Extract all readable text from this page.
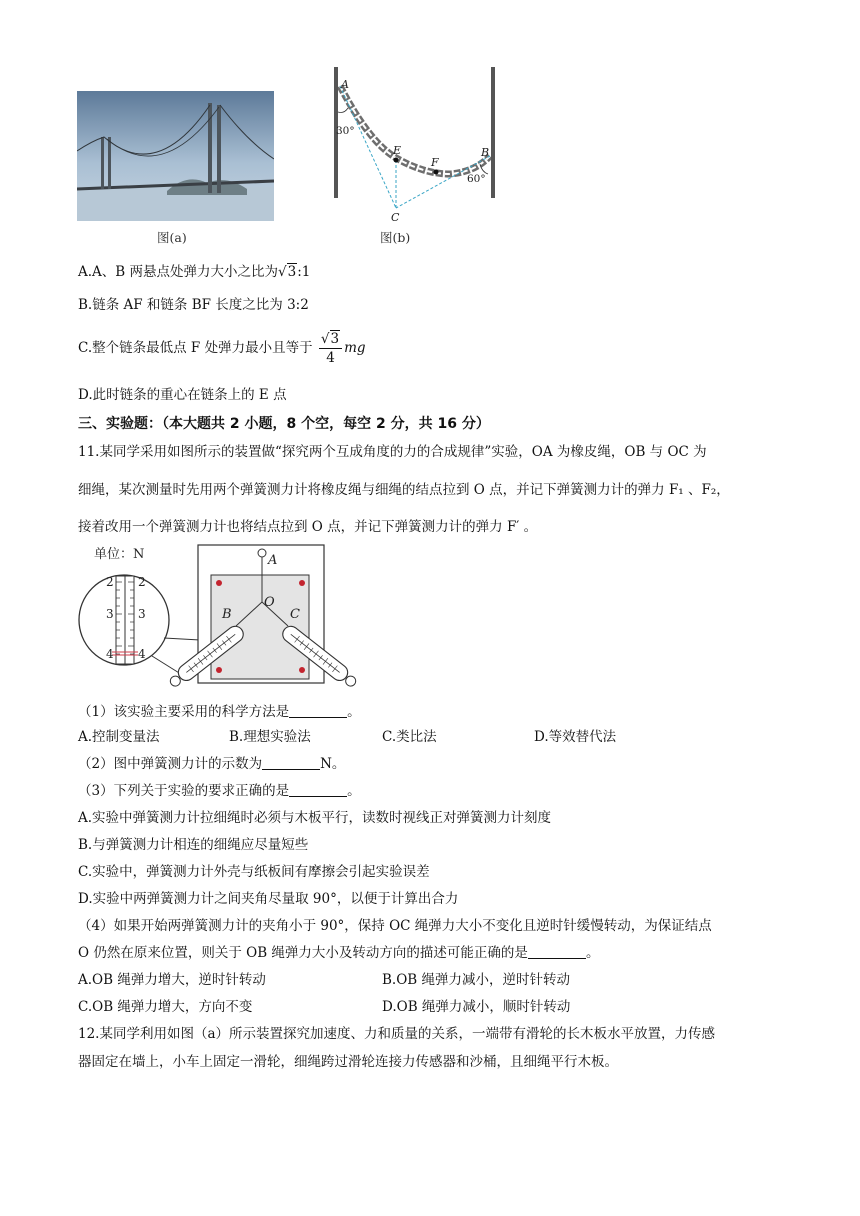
图(a)
A
30°
E
F
B
60°
C
图(b)
A.A、B 两悬点处弹力大小之比为√3:1
B.链条 AF 和链条 BF 长度之比为 3:2
C.整个链条最低点 F 处弹力最小且等于 $\frac{√3}{4}$ mg
D.此时链条的重心在链条上的 E 点
三、实验题：（本大题共 2 小题，8 个空，每空 2 分，共 16 分）
11.某同学采用如图所示的装置做“探究两个互成角度的力的合成规律”实验，OA 为橡皮绳，OB 与 OC 为
细绳，某次测量时先用两个弹簧测力计将橡皮绳与细绳的结点拉到 O 点，并记下弹簧测力计的弹力 F₁ 、F₂，
接着改用一个弹簧测力计也将结点拉到 O 点，并记下弹簧测力计的弹力 F′ 。
单位：N
2
3
4
2
3
4
A
O
B	C
（1）该实验主要采用的科学方法是	。
A.控制变量法	B.理想实验法	C.类比法	D.等效替代法
（2）图中弹簧测力计的示数为	N。
（3）下列关于实验的要求正确的是	。
A.实验中弹簧测力计拉细绳时必须与木板平行，读数时视线正对弹簧测力计刻度
B.与弹簧测力计相连的细绳应尽量短些
C.实验中，弹簧测力计外壳与纸板间有摩擦会引起实验误差
D.实验中两弹簧测力计之间夹角尽量取 90°，以便于计算出合力
（4）如果开始两弹簧测力计的夹角小于 90°，保持 OC 绳弹力大小不变化且逆时针缓慢转动，为保证结点
O 仍然在原来位置，则关于 OB 绳弹力大小及转动方向的描述可能正确的是	。
A.OB 绳弹力增大，逆时针转动	B.OB 绳弹力减小，逆时针转动
C.OB 绳弹力增大，方向不变	D.OB 绳弹力减小，顺时针转动
12.某同学利用如图（a）所示装置探究加速度、力和质量的关系，一端带有滑轮的长木板水平放置，力传感
器固定在墙上，小车上固定一滑轮，细绳跨过滑轮连接力传感器和沙桶，且细绳平行木板。
